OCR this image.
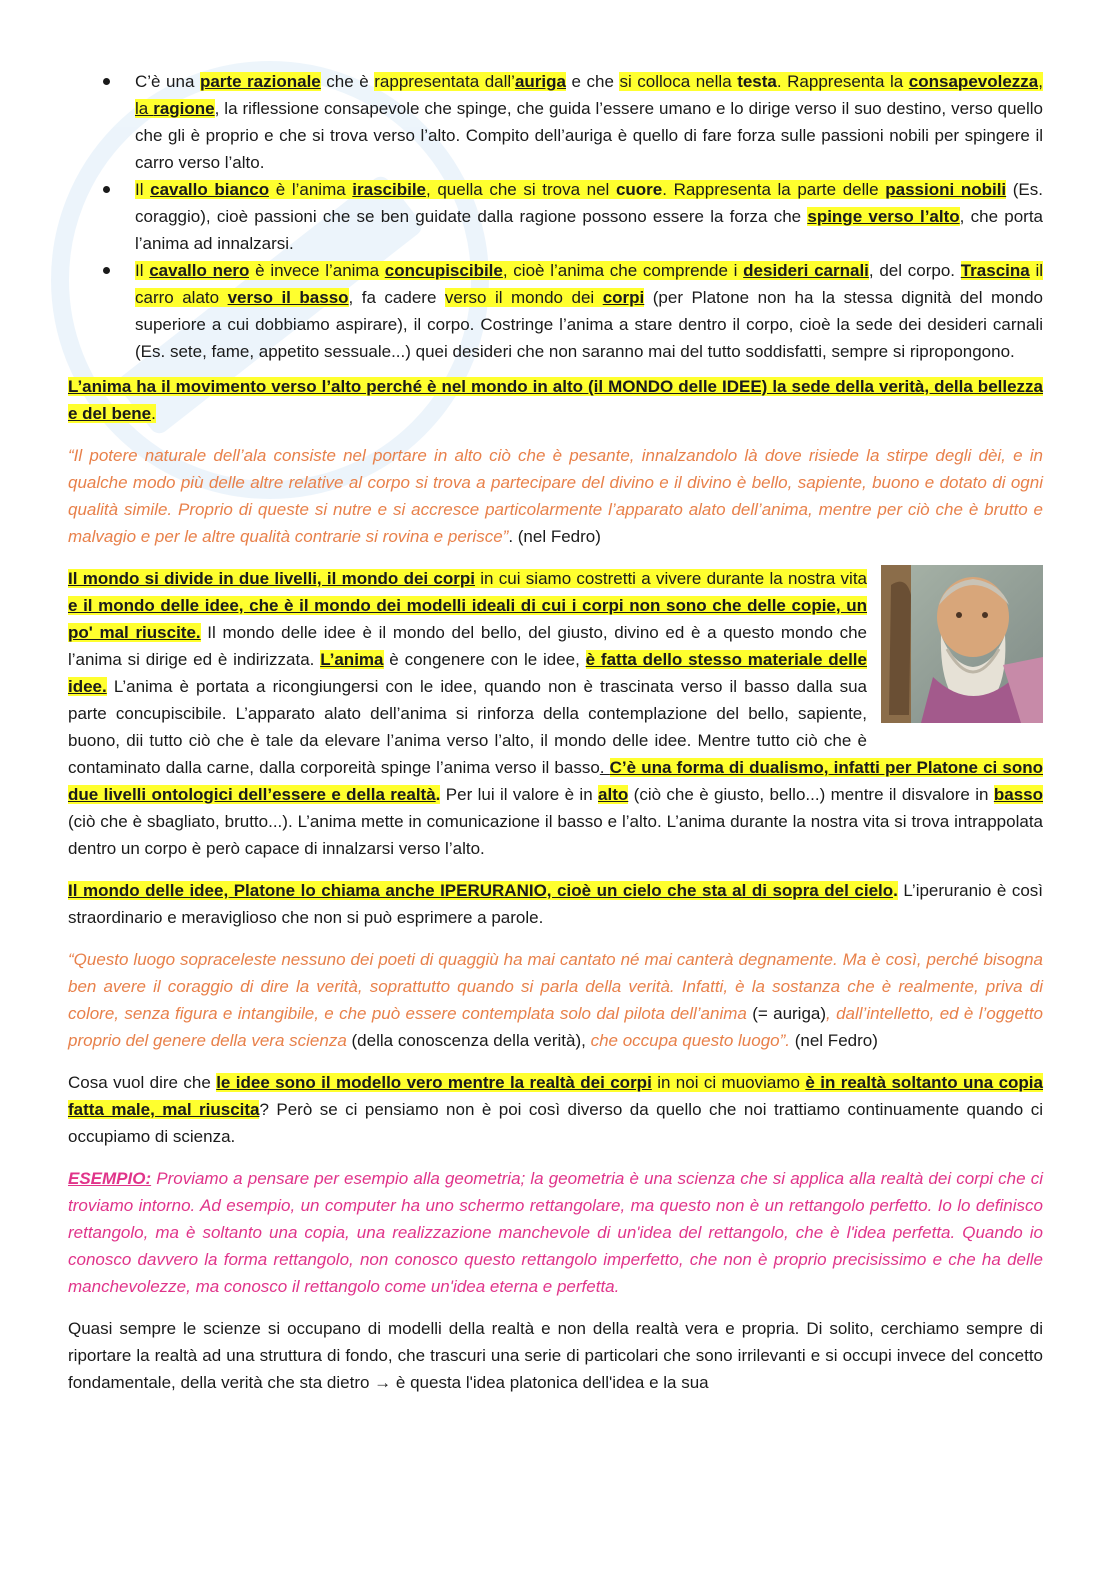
C’è una parte razionale che è rappresentata dall’auriga e che si colloca nella testa. Rappresenta la consapevolezza, la ragione, la riflessione consapevole che spinge, che guida l’essere umano e lo dirige verso il suo destino, verso quello che gli è proprio e che si trova verso l’alto. Compito dell’auriga è quello di fare forza sulle passioni nobili per spingere il carro verso l’alto.
Il cavallo bianco è l’anima irascibile, quella che si trova nel cuore. Rappresenta la parte delle passioni nobili (Es. coraggio), cioè passioni che se ben guidate dalla ragione possono essere la forza che spinge verso l’alto, che porta l’anima ad innalzarsi.
Il cavallo nero è invece l’anima concupiscibile, cioè l’anima che comprende i desideri carnali, del corpo. Trascina il carro alato verso il basso, fa cadere verso il mondo dei corpi (per Platone non ha la stessa dignità del mondo superiore a cui dobbiamo aspirare), il corpo. Costringe l’anima a stare dentro il corpo, cioè la sede dei desideri carnali (Es. sete, fame, appetito sessuale...) quei desideri che non saranno mai del tutto soddisfatti, sempre si ripropongono.

L’anima ha il movimento verso l’alto perché è nel mondo in alto (il MONDO delle IDEE) la sede della verità, della bellezza e del bene.

“Il potere naturale dell’ala consiste nel portare in alto ciò che è pesante, innalzandolo là dove risiede la stirpe degli dèi, e in qualche modo più delle altre relative al corpo si trova a partecipare del divino e il divino è bello, sapiente, buono e dotato di ogni qualità simile. Proprio di queste si nutre e si accresce particolarmente l’apparato alato dell’anima, mentre per ciò che è brutto e malvagio e per le altre qualità contrarie si rovina e perisce”. (nel Fedro)

Il mondo si divide in due livelli, il mondo dei corpi in cui siamo costretti a vivere durante la nostra vita e il mondo delle idee, che è il mondo dei modelli ideali di cui i corpi non sono che delle copie, un po' mal riuscite. Il mondo delle idee è il mondo del bello, del giusto, divino ed è a questo mondo che l’anima si dirige ed è indirizzata. L’anima è congenere con le idee, è fatta dello stesso materiale delle idee. L’anima è portata a ricongiungersi con le idee, quando non è trascinata verso il basso dalla sua parte concupiscibile. L’apparato alato dell’anima si rinforza della contemplazione del bello, sapiente, buono, dii tutto ciò che è tale da elevare l’anima verso l’alto, il mondo delle idee. Mentre tutto ciò che è contaminato dalla carne, dalla corporeità spinge l’anima verso il basso. C’è una forma di dualismo, infatti per Platone ci sono due livelli ontologici dell’essere e della realtà. Per lui il valore è in alto (ciò che è giusto, bello...) mentre il disvalore in basso (ciò che è sbagliato, brutto...). L’anima mette in comunicazione il basso e l’alto. L’anima durante la nostra vita si trova intrappolata dentro un corpo è però capace di innalzarsi verso l’alto.

Il mondo delle idee, Platone lo chiama anche IPERURANIO, cioè un cielo che sta al di sopra del cielo. L’iperuranio è così straordinario e meraviglioso che non si può esprimere a parole.

“Questo luogo sopraceleste nessuno dei poeti di quaggiù ha mai cantato né mai canterà degnamente. Ma è così, perché bisogna ben avere il coraggio di dire la verità, soprattutto quando si parla della verità. Infatti, è la sostanza che è realmente, priva di colore, senza figura e intangibile, e che può essere contemplata solo dal pilota dell’anima (= auriga), dall’intelletto, ed è l’oggetto proprio del genere della vera scienza (della conoscenza della verità), che occupa questo luogo”. (nel Fedro)

Cosa vuol dire che le idee sono il modello vero mentre la realtà dei corpi in noi ci muoviamo è in realtà soltanto una copia fatta male, mal riuscita? Però se ci pensiamo non è poi così diverso da quello che noi trattiamo continuamente quando ci occupiamo di scienza.

ESEMPIO: Proviamo a pensare per esempio alla geometria; la geometria è una scienza che si applica alla realtà dei corpi che ci troviamo intorno. Ad esempio, un computer ha uno schermo rettangolare, ma questo non è un rettangolo perfetto. Io lo definisco rettangolo, ma è soltanto una copia, una realizzazione manchevole di un'idea del rettangolo, che è l'idea perfetta. Quando io conosco davvero la forma rettangolo, non conosco questo rettangolo imperfetto, che non è proprio precisissimo e che ha delle manchevolezze, ma conosco il rettangolo come un'idea eterna e perfetta.

Quasi sempre le scienze si occupano di modelli della realtà e non della realtà vera e propria. Di solito, cerchiamo sempre di riportare la realtà ad una struttura di fondo, che trascuri una serie di particolari che sono irrilevanti e si occupi invece del concetto fondamentale, della verità che sta dietro → è questa l'idea platonica dell'idea e la sua
